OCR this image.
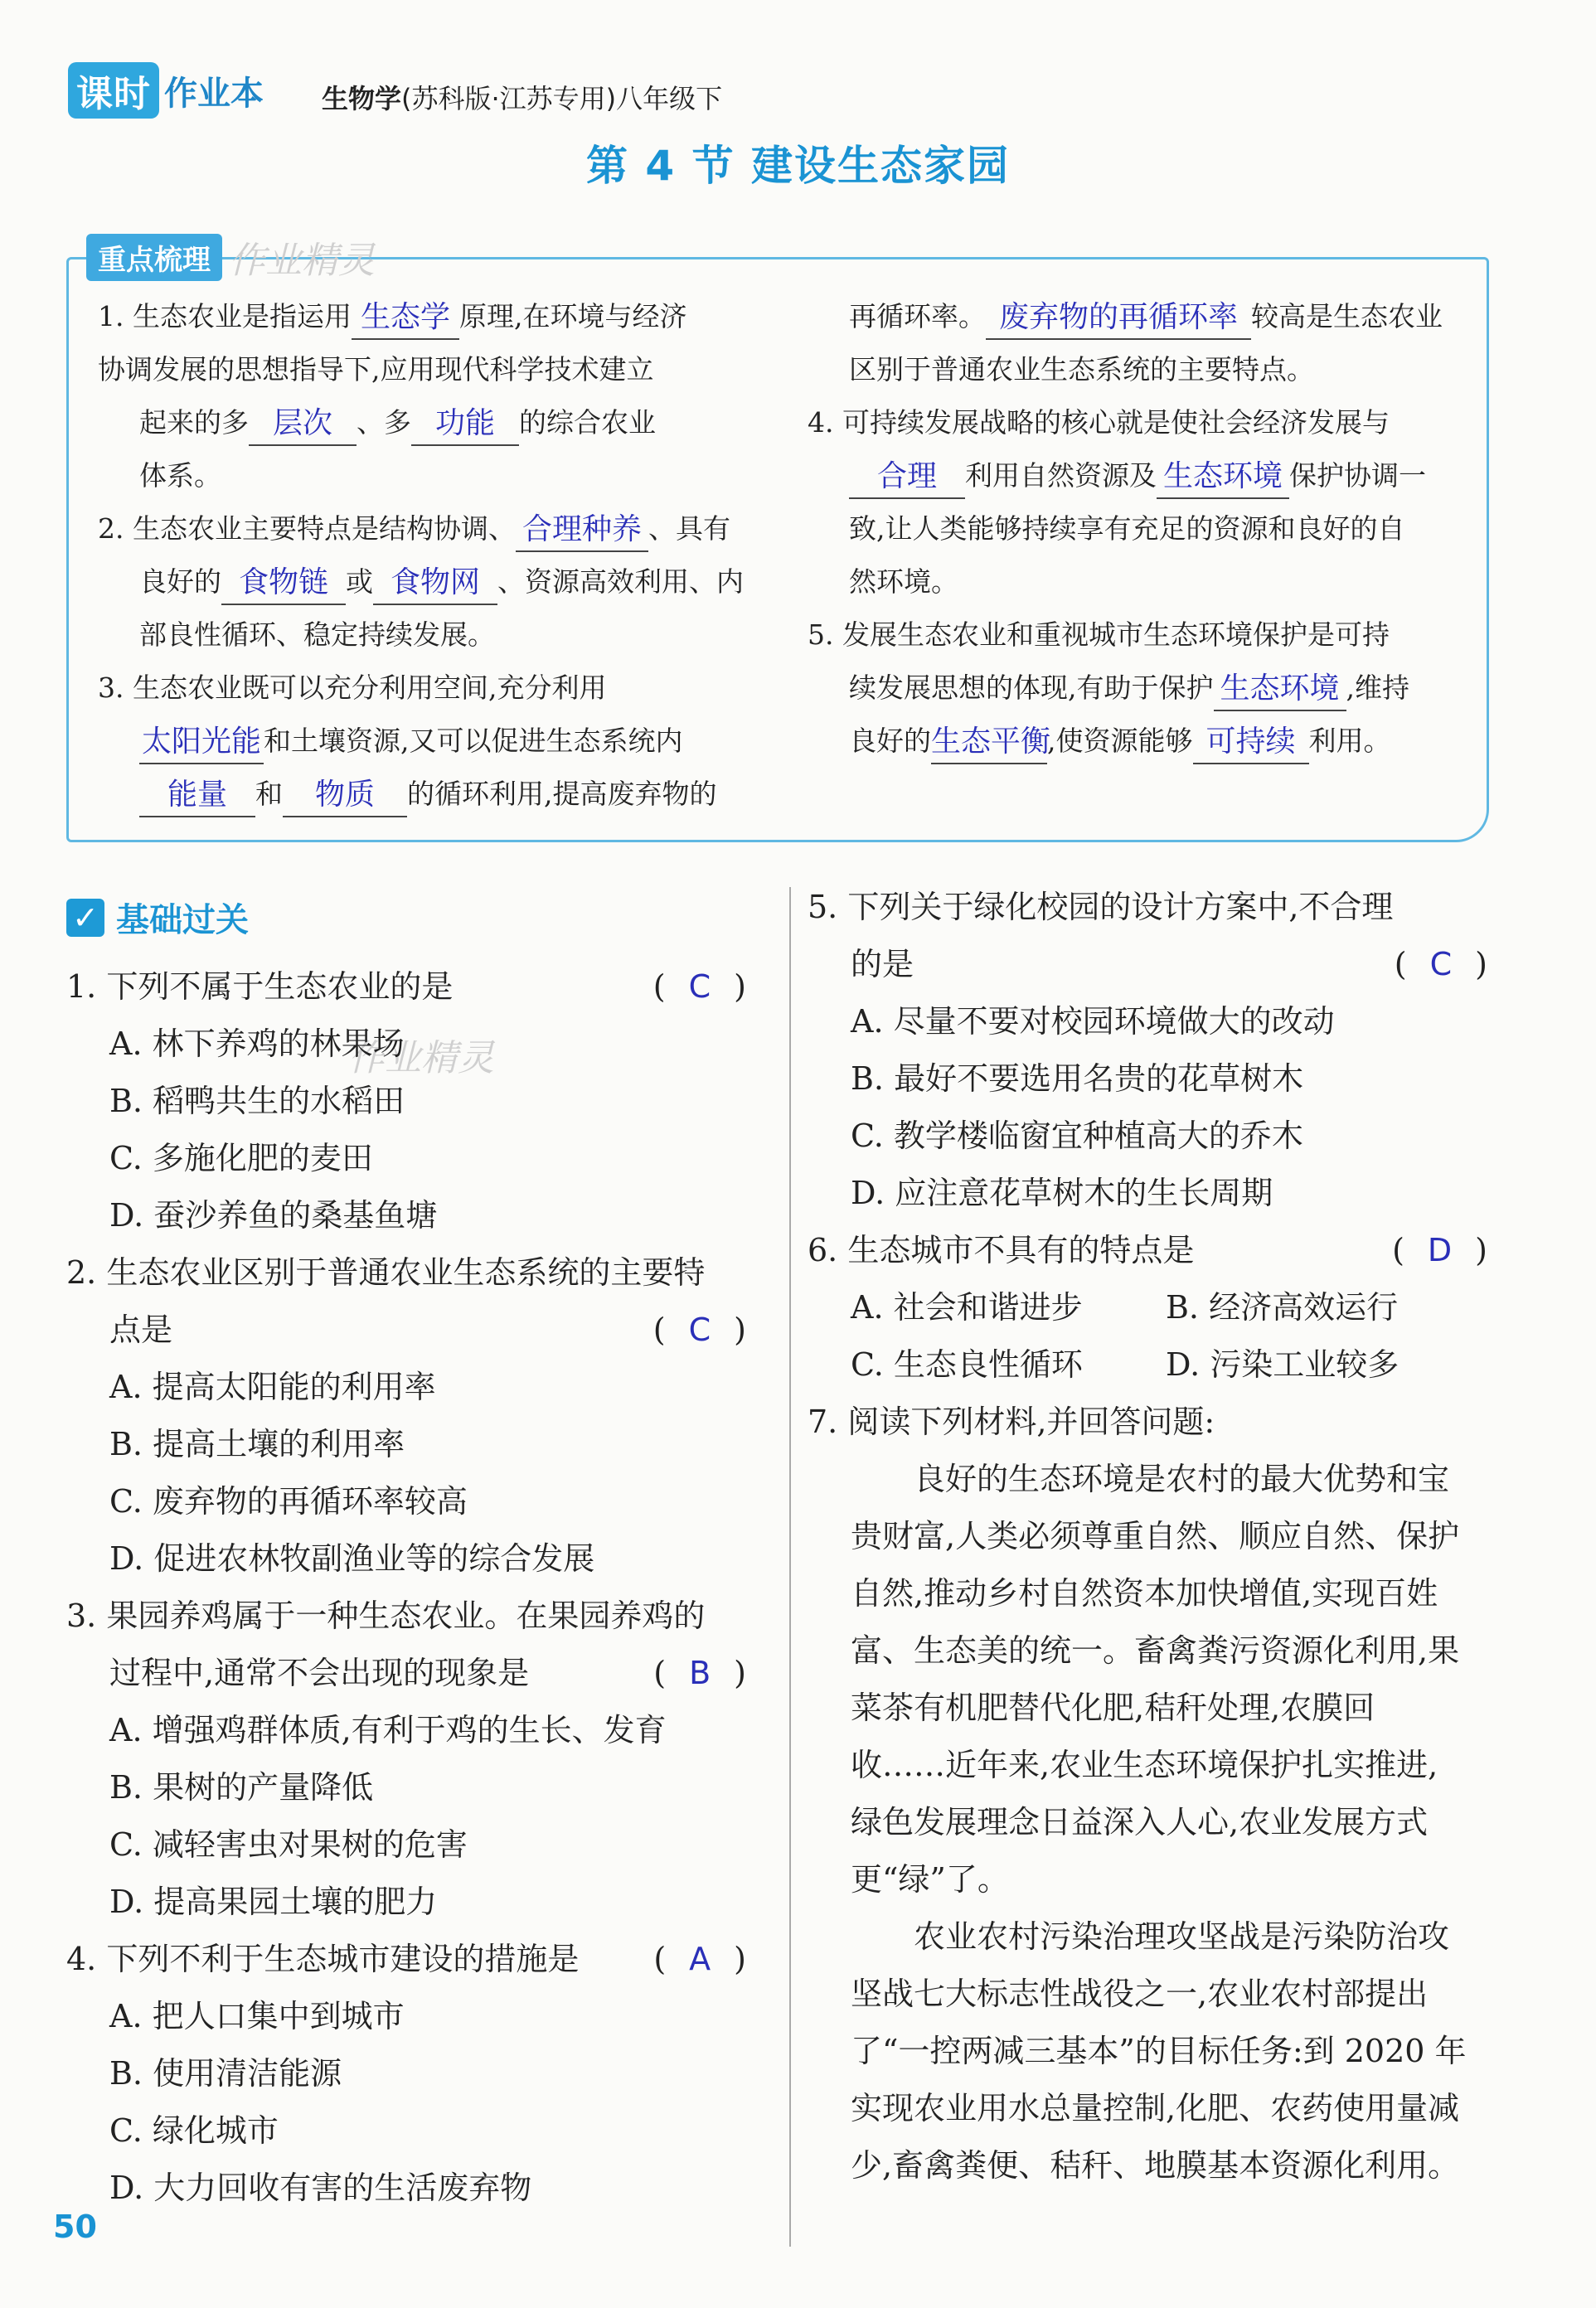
课时 作业本 生物学(苏科版·江苏专用)八年级下
第 4 节 建设生态家园
重点梳理 作业精灵
1. 生态农业是指运用 生态学 原理,在环境与经济
协调发展的思想指导下,应用现代科学技术建立
起来的多 层次 、多 功能 的综合农业
体系。
2. 生态农业主要特点是结构协调、 合理种养 、具有
良好的 食物链 或 食物网 、资源高效利用、内
部良性循环、稳定持续发展。
3. 生态农业既可以充分利用空间,充分利用
太阳光能和土壤资源,又可以促进生态系统内
能量 和 物质 的循环利用,提高废弃物的
再循环率。 废弃物的再循环率 较高是生态农业
区别于普通农业生态系统的主要特点。
4. 可持续发展战略的核心就是使社会经济发展与
合理 利用自然资源及 生态环境 保护协调一
致,让人类能够持续享有充足的资源和良好的自
然环境。
5. 发展生态农业和重视城市生态环境保护是可持
续发展思想的体现,有助于保护 生态环境 ,维持
良好的生态平衡,使资源能够 可持续 利用。
✓ 基础过关
作业精灵
1. 下列不属于生态农业的是	( C )
A. 林下养鸡的林果场
B. 稻鸭共生的水稻田
C. 多施化肥的麦田
D. 蚕沙养鱼的桑基鱼塘
2. 生态农业区别于普通农业生态系统的主要特
点是	( C )
A. 提高太阳能的利用率
B. 提高土壤的利用率
C. 废弃物的再循环率较高
D. 促进农林牧副渔业等的综合发展
3. 果园养鸡属于一种生态农业。在果园养鸡的
过程中,通常不会出现的现象是	( B )
A. 增强鸡群体质,有利于鸡的生长、发育
B. 果树的产量降低
C. 减轻害虫对果树的危害
D. 提高果园土壤的肥力
4. 下列不利于生态城市建设的措施是 ( A )
A. 把人口集中到城市
B. 使用清洁能源
C. 绿化城市
D. 大力回收有害的生活废弃物
5. 下列关于绿化校园的设计方案中,不合理
的是	( C )
A. 尽量不要对校园环境做大的改动
B. 最好不要选用名贵的花草树木
C. 教学楼临窗宜种植高大的乔木
D. 应注意花草树木的生长周期
6. 生态城市不具有的特点是	( D )
A. 社会和谐进步	B. 经济高效运行
C. 生态良性循环	D. 污染工业较多
7. 阅读下列材料,并回答问题:
良好的生态环境是农村的最大优势和宝
贵财富,人类必须尊重自然、顺应自然、保护
自然,推动乡村自然资本加快增值,实现百姓
富、生态美的统一。畜禽粪污资源化利用,果
菜茶有机肥替代化肥,秸秆处理,农膜回
收……近年来,农业生态环境保护扎实推进,
绿色发展理念日益深入人心,农业发展方式
更“绿”了。
农业农村污染治理攻坚战是污染防治攻
坚战七大标志性战役之一,农业农村部提出
了“一控两减三基本”的目标任务:到 2020 年
实现农业用水总量控制,化肥、农药使用量减
少,畜禽粪便、秸秆、地膜基本资源化利用。
50
